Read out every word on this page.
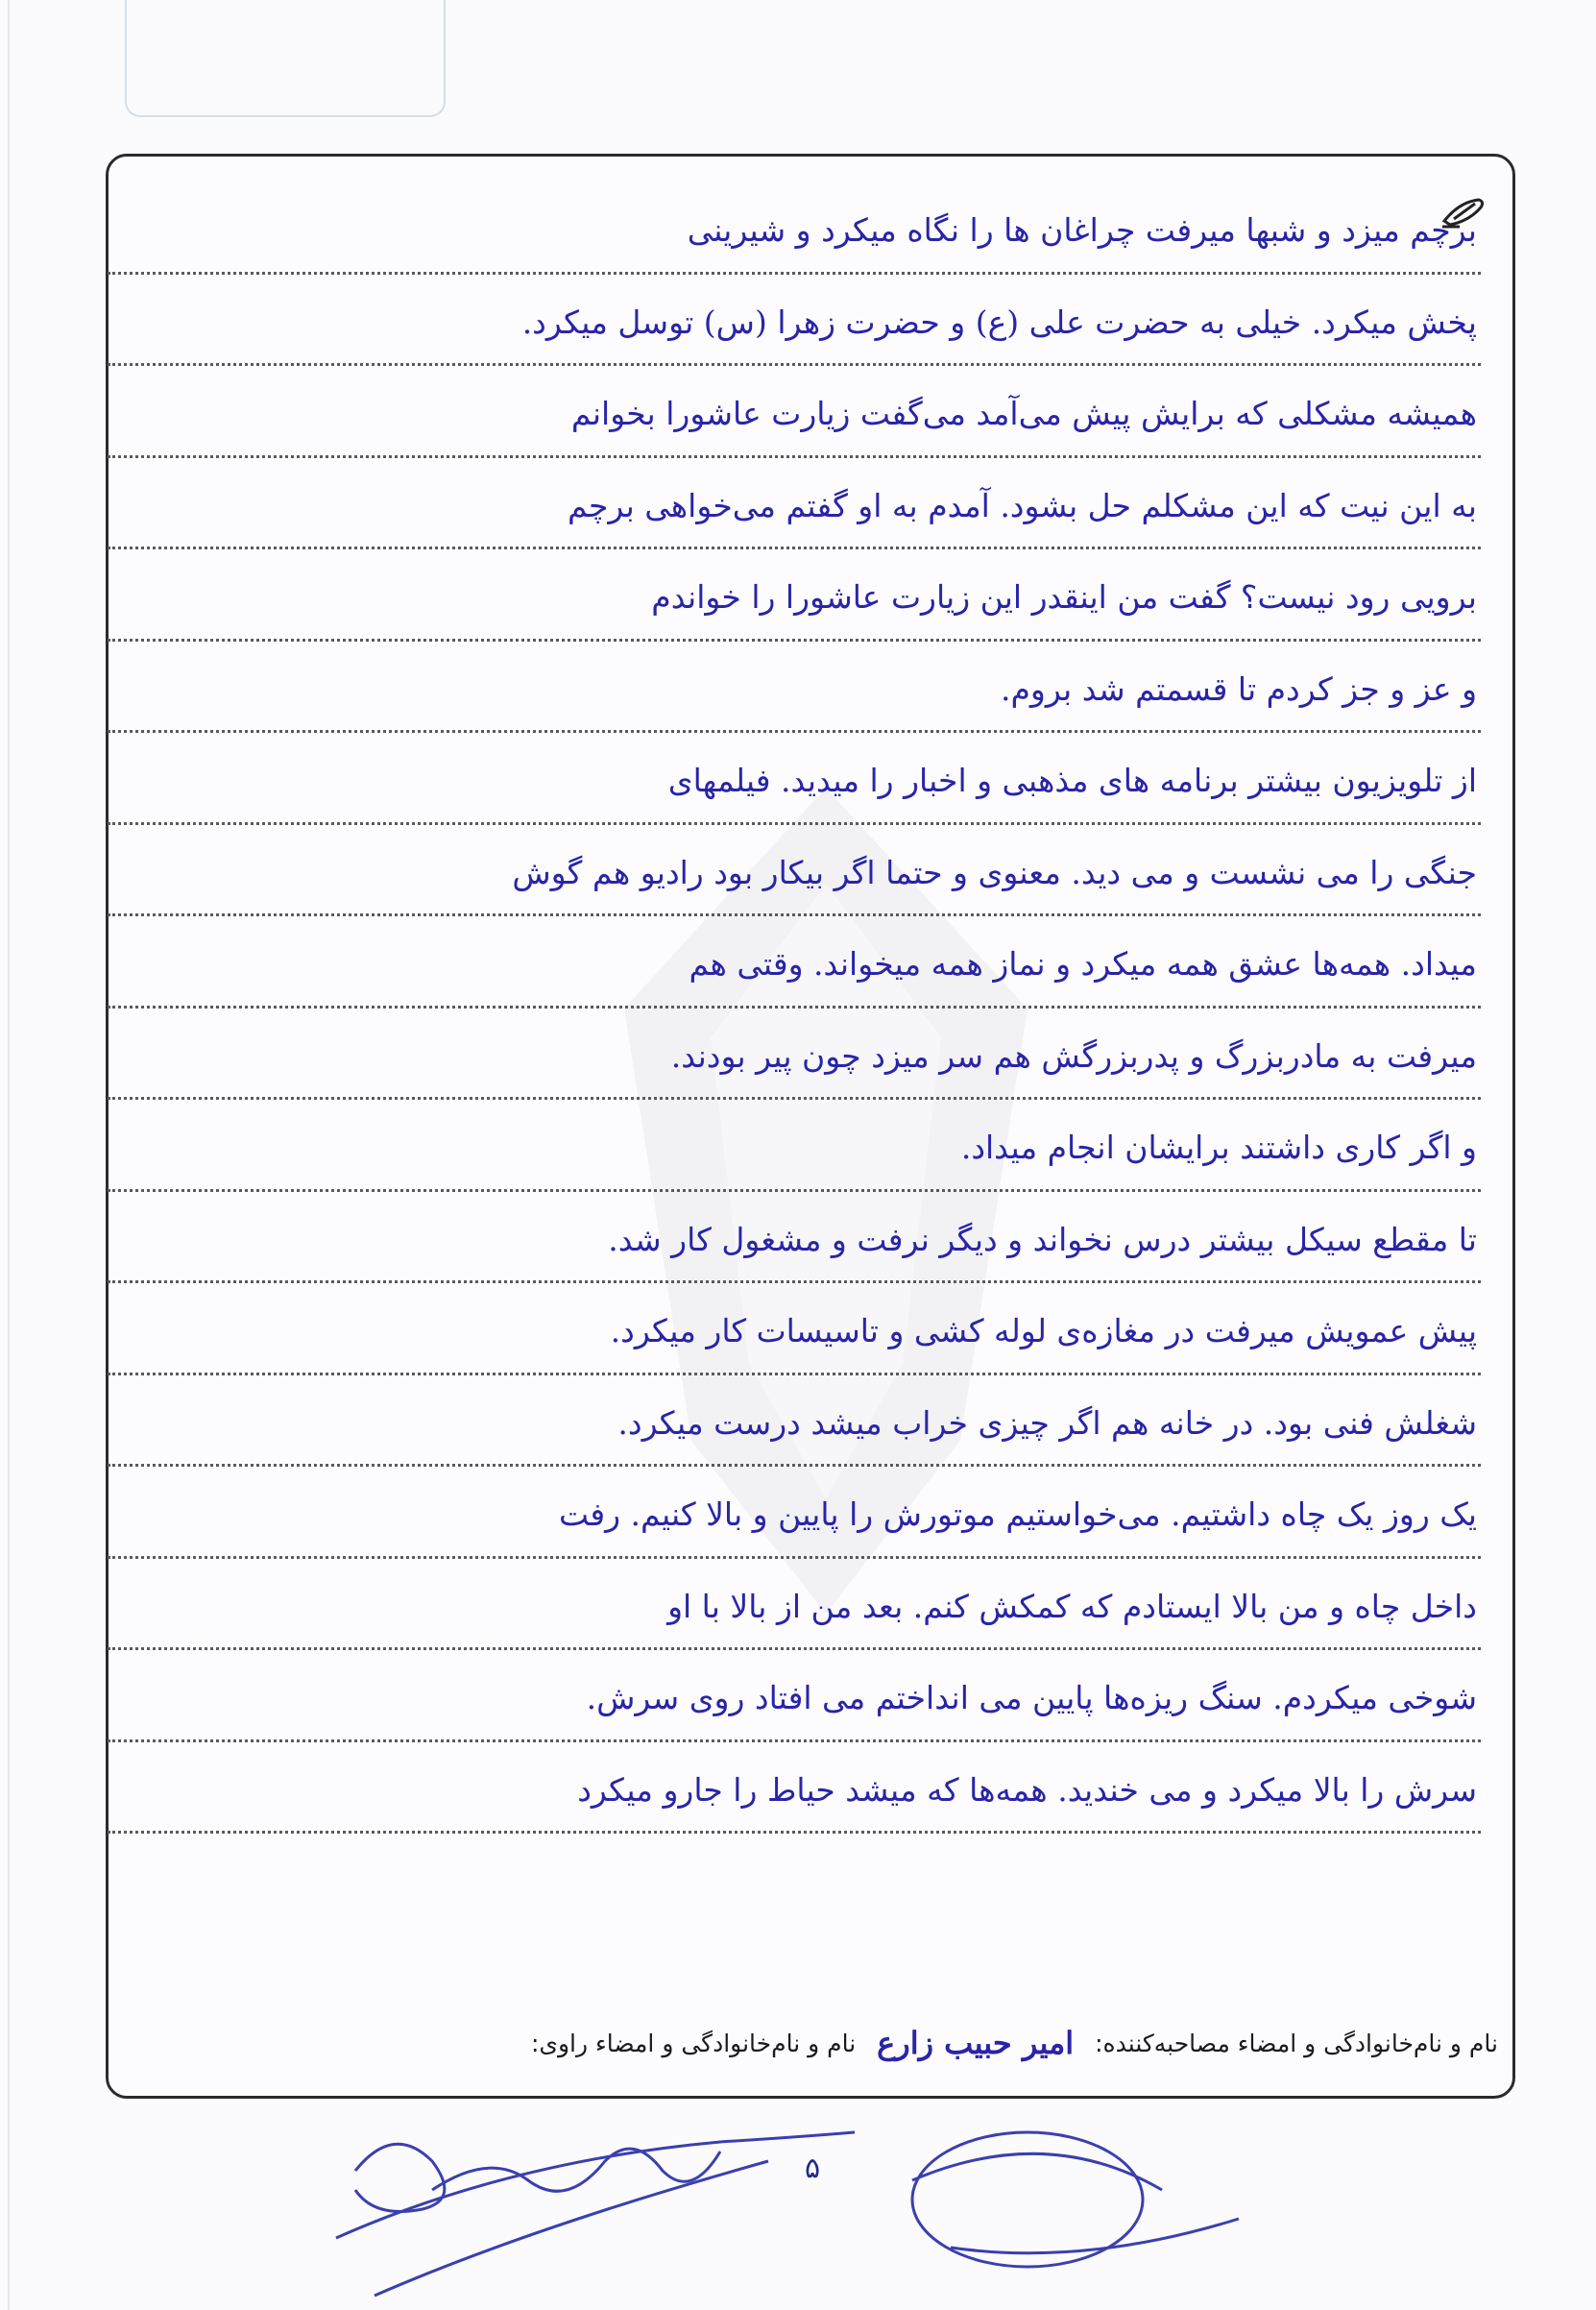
برچم میزد و شبها میرفت چراغان ها را نگاه میکرد و شیرینی
پخش میکرد. خیلی به حضرت علی (ع) و حضرت زهرا (س) توسل میکرد.
همیشه مشکلی که برایش پیش می‌آمد می‌گفت زیارت عاشورا بخوانم
به این نیت که این مشکلم حل بشود. آمدم به او گفتم می‌خواهی برچم
برویی رود نیست؟ گفت من اینقدر این زیارت عاشورا را خواندم
و عز و جز کردم تا قسمتم شد بروم.
از تلویزیون بیشتر برنامه های مذهبی و اخبار را میدید. فیلمهای
جنگی را می نشست و می دید. معنوی و حتما اگر بیکار بود رادیو هم گوش
میداد. همه‌ها عشق همه میکرد و نماز همه میخواند. وقتی هم
میرفت به مادربزرگ و پدربزرگش هم سر میزد چون پیر بودند.
و اگر کاری داشتند برایشان انجام میداد.
تا مقطع سیکل بیشتر درس نخواند و دیگر نرفت و مشغول کار شد.
پیش عمویش میرفت در مغازه‌ی لوله کشی و تاسیسات کار میکرد.
شغلش فنی بود. در خانه هم اگر چیزی خراب میشد درست میکرد.
یک روز یک چاه داشتیم. می‌خواستیم موتورش را پایین و بالا کنیم. رفت
داخل چاه و من بالا ایستادم که کمکش کنم. بعد من از بالا با او
شوخی میکردم. سنگ ریزه‌ها پایین می انداختم می افتاد روی سرش.
سرش را بالا میکرد و می خندید. همه‌ها که میشد حیاط را جارو میکرد
نام و نام‌خانوادگی و امضاء مصاحبه‌کننده: امیر حبیب زارع نام و نام‌خانوادگی و امضاء راوی:
۵
